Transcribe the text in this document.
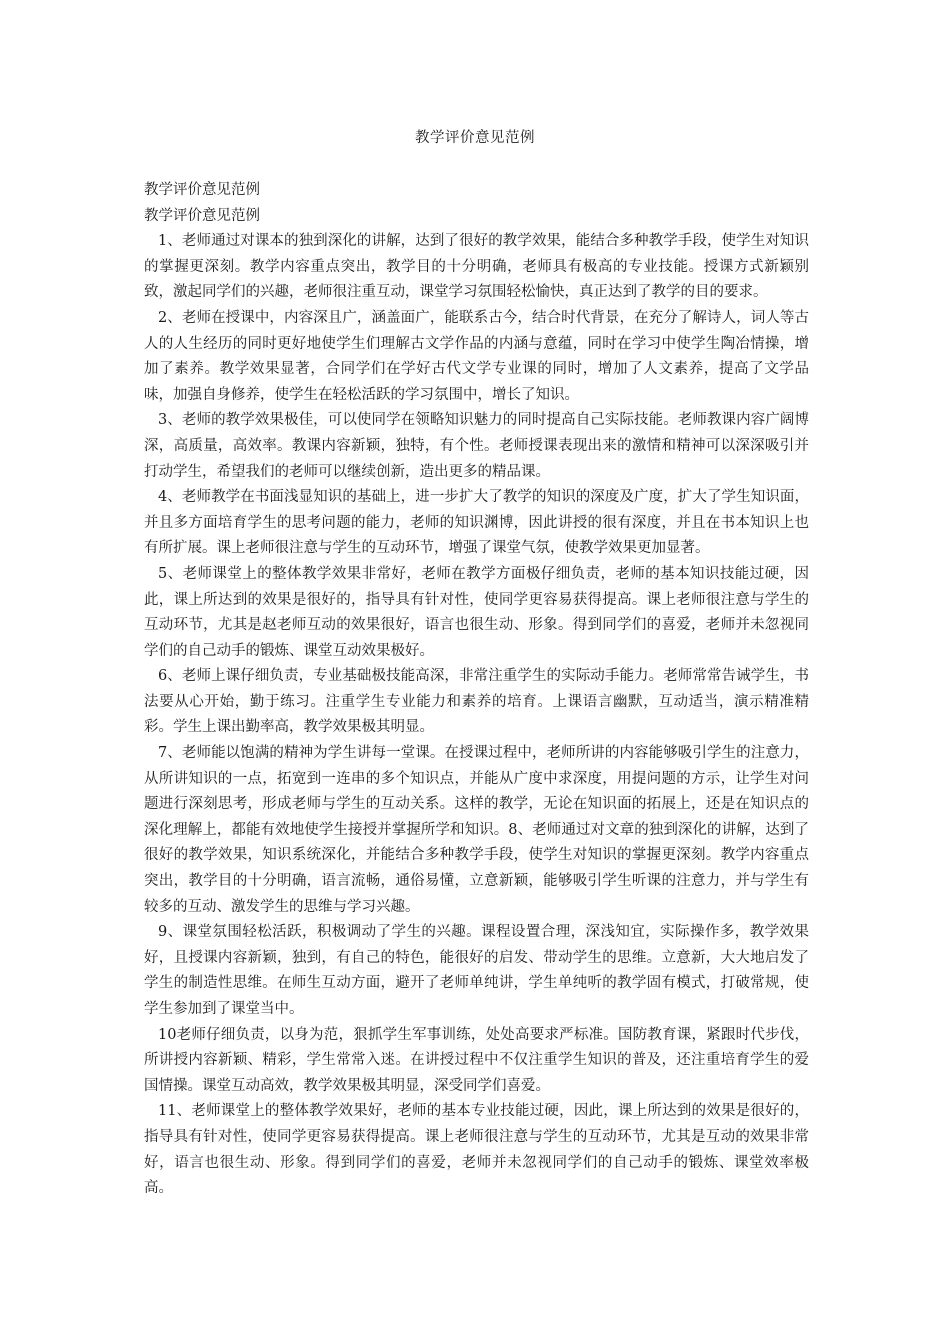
教学评价意见范例

教学评价意见范例

教学评价意见范例

1、老师通过对课本的独到深化的讲解，达到了很好的教学效果，能结合多种教学手段，使学生对知识的掌握更深刻。教学内容重点突出，教学目的十分明确，老师具有极高的专业技能。授课方式新颖别致，激起同学们的兴趣，老师很注重互动，课堂学习氛围轻松愉快，真正达到了教学的目的要求。

2、老师在授课中，内容深且广，涵盖面广，能联系古今，结合时代背景，在充分了解诗人，词人等古人的人生经历的同时更好地使学生们理解古文学作品的内涵与意蕴，同时在学习中使学生陶冶情操，增加了素养。教学效果显著，合同学们在学好古代文学专业课的同时，增加了人文素养，提高了文学品味，加强自身修养，使学生在轻松活跃的学习氛围中，增长了知识。

3、老师的教学效果极佳，可以使同学在领略知识魅力的同时提高自己实际技能。老师教课内容广阔博深，高质量，高效率。教课内容新颖，独特，有个性。老师授课表现出来的激情和精神可以深深吸引并打动学生，希望我们的老师可以继续创新，造出更多的精品课。

4、老师教学在书面浅显知识的基础上，进一步扩大了教学的知识的深度及广度，扩大了学生知识面，并且多方面培育学生的思考问题的能力，老师的知识渊博，因此讲授的很有深度，并且在书本知识上也有所扩展。课上老师很注意与学生的互动环节，增强了课堂气氛，使教学效果更加显著。

5、老师课堂上的整体教学效果非常好，老师在教学方面极仔细负责，老师的基本知识技能过硬，因此，课上所达到的效果是很好的，指导具有针对性，使同学更容易获得提高。课上老师很注意与学生的互动环节，尤其是赵老师互动的效果很好，语言也很生动、形象。得到同学们的喜爱，老师并未忽视同学们的自己动手的锻炼、课堂互动效果极好。

6、老师上课仔细负责，专业基础极技能高深，非常注重学生的实际动手能力。老师常常告诫学生，书法要从心开始，勤于练习。注重学生专业能力和素养的培育。上课语言幽默，互动适当，演示精准精彩。学生上课出勤率高，教学效果极其明显。

7、老师能以饱满的精神为学生讲每一堂课。在授课过程中，老师所讲的内容能够吸引学生的注意力，从所讲知识的一点，拓宽到一连串的多个知识点，并能从广度中求深度，用提问题的方示，让学生对问题进行深刻思考，形成老师与学生的互动关系。这样的教学，无论在知识面的拓展上，还是在知识点的深化理解上，都能有效地使学生接授并掌握所学和知识。8、老师通过对文章的独到深化的讲解，达到了很好的教学效果，知识系统深化，并能结合多种教学手段，使学生对知识的掌握更深刻。教学内容重点突出，教学目的十分明确，语言流畅，通俗易懂，立意新颖，能够吸引学生听课的注意力，并与学生有较多的互动、激发学生的思维与学习兴趣。

9、课堂氛围轻松活跃，积极调动了学生的兴趣。课程设置合理，深浅知宜，实际操作多，教学效果好，且授课内容新颖，独到，有自己的特色，能很好的启发、带动学生的思维。立意新，大大地启发了学生的制造性思维。在师生互动方面，避开了老师单纯讲，学生单纯听的教学固有模式，打破常规，使学生参加到了课堂当中。

10老师仔细负责，以身为范，狠抓学生军事训练，处处高要求严标准。国防教育课，紧跟时代步伐，所讲授内容新颖、精彩，学生常常入迷。在讲授过程中不仅注重学生知识的普及，还注重培育学生的爱国情操。课堂互动高效，教学效果极其明显，深受同学们喜爱。

11、老师课堂上的整体教学效果好，老师的基本专业技能过硬，因此，课上所达到的效果是很好的，指导具有针对性，使同学更容易获得提高。课上老师很注意与学生的互动环节，尤其是互动的效果非常好，语言也很生动、形象。得到同学们的喜爱，老师并未忽视同学们的自己动手的锻炼、课堂效率极高。
